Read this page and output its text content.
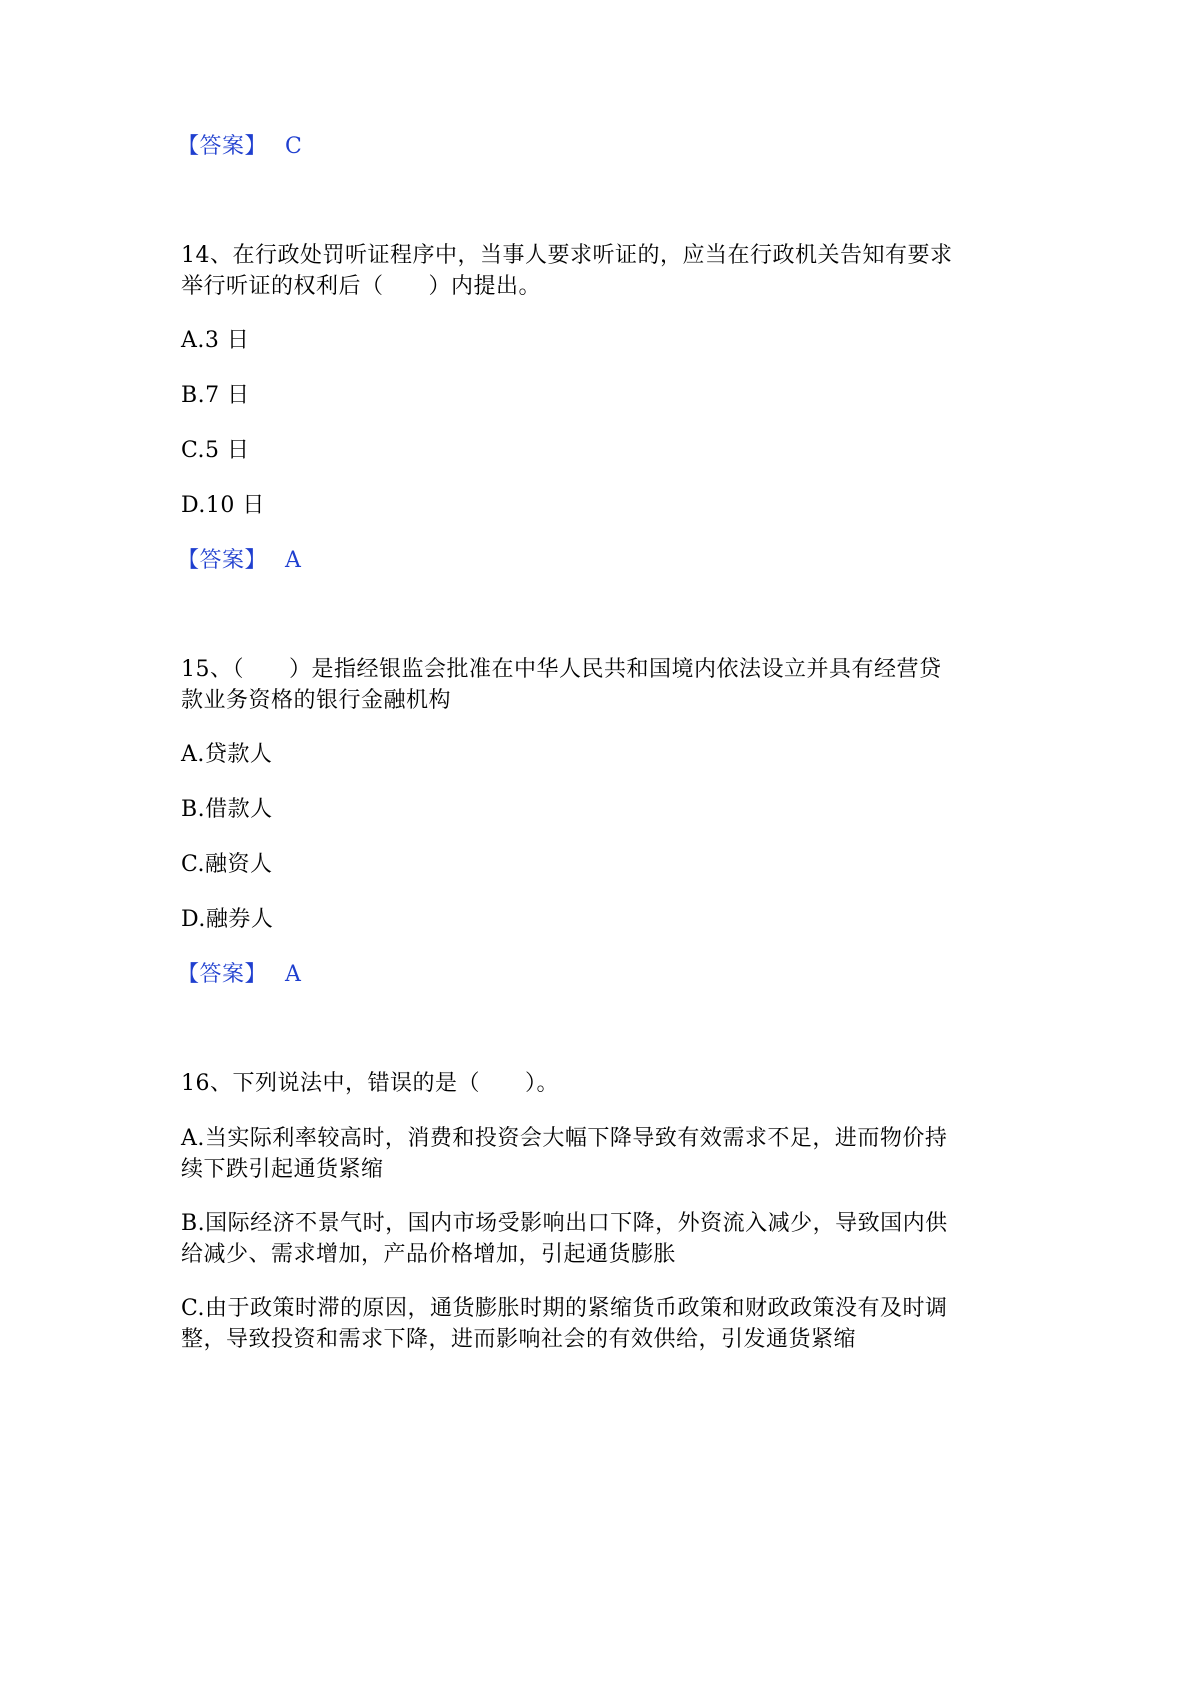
【答案】 C
14、在行政处罚听证程序中，当事人要求听证的，应当在行政机关告知有要求
举行听证的权利后（　　）内提出。
A.3 日
B.7 日
C.5 日
D.10 日
【答案】 A
15、（　　）是指经银监会批准在中华人民共和国境内依法设立并具有经营贷
款业务资格的银行金融机构
A.贷款人
B.借款人
C.融资人
D.融券人
【答案】 A
16、下列说法中，错误的是（　　）。
A.当实际利率较高时，消费和投资会大幅下降导致有效需求不足，进而物价持
续下跌引起通货紧缩
B.国际经济不景气时，国内市场受影响出口下降，外资流入减少，导致国内供
给减少、需求增加，产品价格增加，引起通货膨胀
C.由于政策时滞的原因，通货膨胀时期的紧缩货币政策和财政政策没有及时调
整，导致投资和需求下降，进而影响社会的有效供给，引发通货紧缩
